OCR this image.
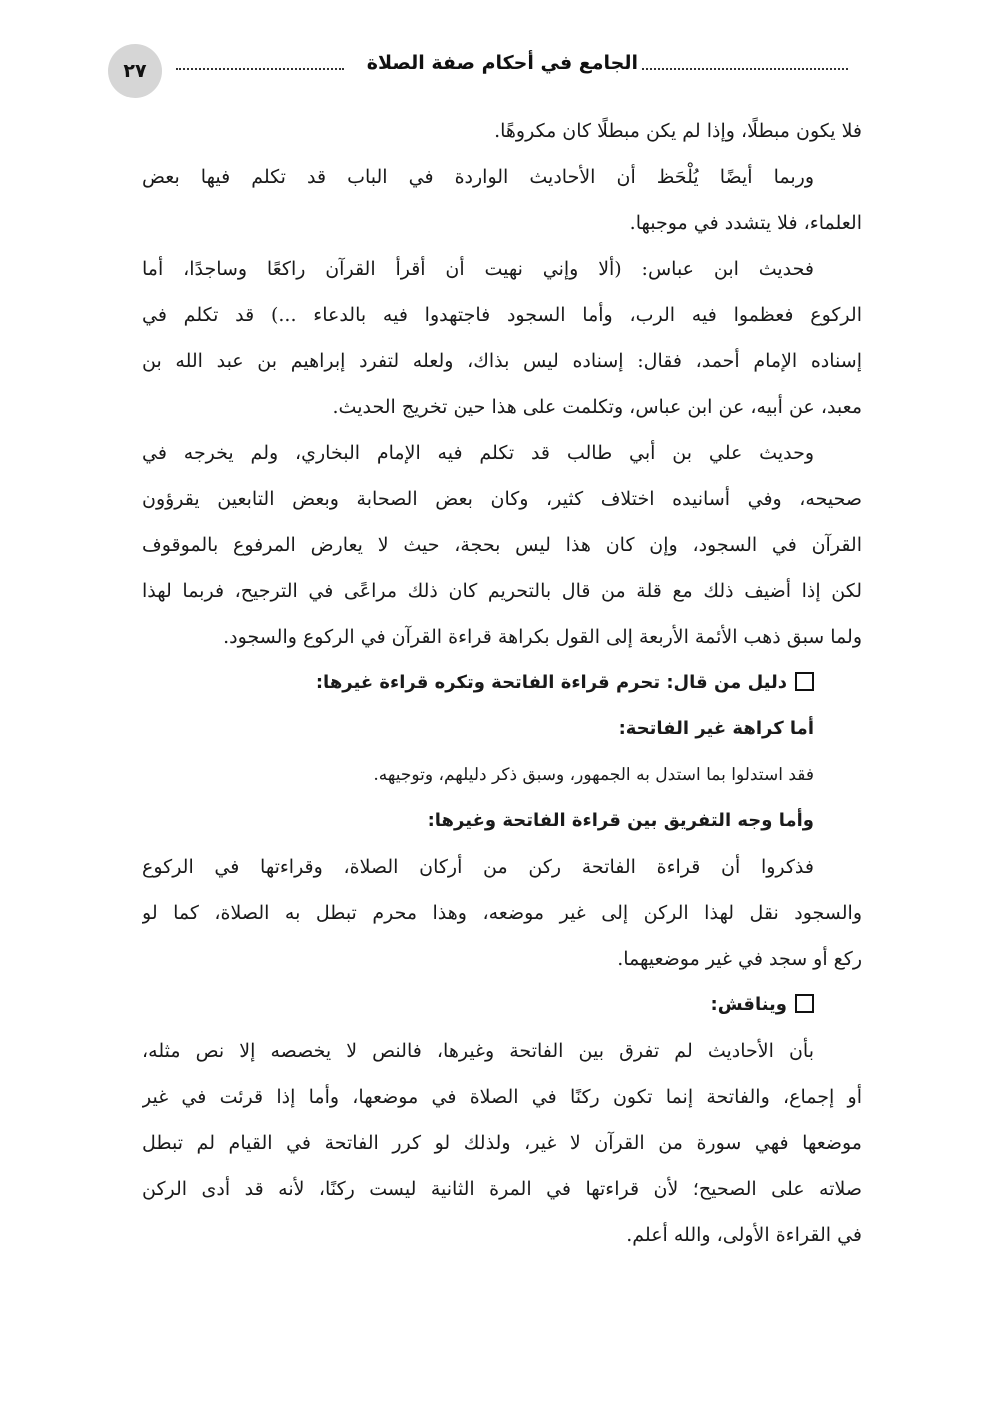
٢٧	الجامع في أحكام صفة الصلاة
فلا يكون مبطلًا، وإذا لم يكن مبطلًا كان مكروهًا.
وربما أيضًا يُلْحَظ أن الأحاديث الواردة في الباب قد تكلم فيها بعض
العلماء، فلا يتشدد في موجبها.
فحديث ابن عباس: (ألا وإني نهيت أن أقرأ القرآن راكعًا وساجدًا، أما
الركوع فعظموا فيه الرب، وأما السجود فاجتهدوا فيه بالدعاء ...) قد تكلم في
إسناده الإمام أحمد، فقال: إسناده ليس بذاك، ولعله لتفرد إبراهيم بن عبد الله بن
معبد، عن أبيه، عن ابن عباس، وتكلمت على هذا حين تخريج الحديث.
وحديث علي بن أبي طالب قد تكلم فيه الإمام البخاري، ولم يخرجه في
صحيحه، وفي أسانيده اختلاف كثير، وكان بعض الصحابة وبعض التابعين يقرؤون
القرآن في السجود، وإن كان هذا ليس بحجة، حيث لا يعارض المرفوع بالموقوف
لكن إذا أضيف ذلك مع قلة من قال بالتحريم كان ذلك مراعًى في الترجيح، فربما لهذا
ولما سبق ذهب الأئمة الأربعة إلى القول بكراهة قراءة القرآن في الركوع والسجود.
دليل من قال: تحرم قراءة الفاتحة وتكره قراءة غيرها:
أما كراهة غير الفاتحة:
فقد استدلوا بما استدل به الجمهور، وسبق ذكر دليلهم، وتوجيهه.
وأما وجه التفريق بين قراءة الفاتحة وغيرها:
فذكروا أن قراءة الفاتحة ركن من أركان الصلاة، وقراءتها في الركوع
والسجود نقل لهذا الركن إلى غير موضعه، وهذا محرم تبطل به الصلاة، كما لو
ركع أو سجد في غير موضعيهما.
ويناقش:
بأن الأحاديث لم تفرق بين الفاتحة وغيرها، فالنص لا يخصصه إلا نص مثله،
أو إجماع، والفاتحة إنما تكون ركنًا في الصلاة في موضعها، وأما إذا قرئت في غير
موضعها فهي سورة من القرآن لا غير، ولذلك لو كرر الفاتحة في القيام لم تبطل
صلاته على الصحيح؛ لأن قراءتها في المرة الثانية ليست ركنًا، لأنه قد أدى الركن
في القراءة الأولى، والله أعلم.
